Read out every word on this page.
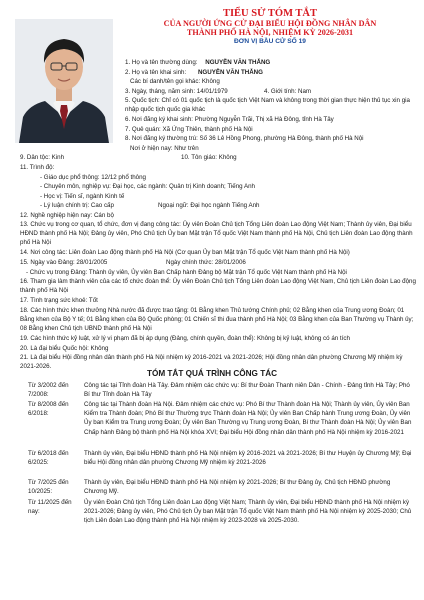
TIỂU SỬ TÓM TẮT
CỦA NGƯỜI ỨNG CỬ ĐẠI BIỂU HỘI ĐỒNG NHÂN DÂN
THÀNH PHỐ HÀ NỘI, NHIỆM KỲ 2026-2031
ĐƠN VỊ BẦU CỬ SỐ 19
1. Họ và tên thường dùng: NGUYỄN VĂN THẮNG
2. Họ và tên khai sinh: NGUYỄN VĂN THẮNG
Các bí danh/tên gọi khác: Không
3. Ngày, tháng, năm sinh: 14/01/1979	4. Giới tính: Nam
5. Quốc tịch: Chỉ có 01 quốc tịch là quốc tịch Việt Nam và không trong thời gian thực hiện thủ tục xin gia nhập quốc tịch quốc gia khác
6. Nơi đăng ký khai sinh: Phường Nguyễn Trãi, Thị xã Hà Đông, tỉnh Hà Tây
7. Quê quán: Xã Ứng Thiên, thành phố Hà Nội
8. Nơi đăng ký thường trú: Số 36 Lê Hồng Phong, phường Hà Đông, thành phố Hà Nội
Nơi ở hiện nay: Như trên
9. Dân tộc: Kinh	10. Tôn giáo: Không
11. Trình độ:
- Giáo dục phổ thông: 12/12 phổ thông
- Chuyên môn, nghiệp vụ: Đại học, các ngành: Quản trị Kinh doanh; Tiếng Anh
- Học vị: Tiến sĩ, ngành Kinh tế
- Lý luận chính trị: Cao cấp	Ngoại ngữ: Đại học ngành Tiếng Anh
12. Nghề nghiệp hiện nay: Cán bộ
13. Chức vụ trong cơ quan, tổ chức, đơn vị đang công tác: Ủy viên Đoàn Chủ tịch Tổng Liên đoàn Lao động Việt Nam; Thành ủy viên, Đại biểu HĐND thành phố Hà Nội; Đảng ủy viên, Phó Chủ tịch Ủy ban Mặt trận Tổ quốc Việt Nam thành phố Hà Nội, Chủ tịch Liên đoàn Lao động thành phố Hà Nội
14. Nơi công tác: Liên đoàn Lao động thành phố Hà Nội (Cơ quan Ủy ban Mặt trận Tổ quốc Việt Nam thành phố Hà Nội)
15. Ngày vào Đảng: 28/01/2005	Ngày chính thức: 28/01/2006
- Chức vụ trong Đảng: Thành ủy viên, Ủy viên Ban Chấp hành Đảng bộ Mặt trận Tổ quốc Việt Nam thành phố Hà Nội
16. Tham gia làm thành viên của các tổ chức đoàn thể: Ủy viên Đoàn Chủ tịch Tổng Liên đoàn Lao động Việt Nam, Chủ tịch Liên đoàn Lao động thành phố Hà Nội
17. Tình trạng sức khoẻ: Tốt
18. Các hình thức khen thưởng Nhà nước đã được trao tặng: 01 Bằng khen Thủ tướng Chính phủ; 02 Bằng khen của Trung ương Đoàn; 01 Bằng khen của Bộ Y tế; 01 Bằng khen của Bộ Quốc phòng; 01 Chiến sĩ thi đua thành phố Hà Nội; 03 Bằng khen của Ban Thường vụ Thành ủy; 08 Bằng khen Chủ tịch UBND thành phố Hà Nội
19. Các hình thức kỷ luật, xử lý vi phạm đã bị áp dụng (Đảng, chính quyền, đoàn thể): Không bị kỷ luật, không có án tích
20. Là đại biểu Quốc hội: Không
21. Là đại biểu Hội đồng nhân dân thành phố Hà Nội nhiệm kỳ 2016-2021 và 2021-2026; Hội đồng nhân dân phường Chương Mỹ nhiệm kỳ 2021-2026.
TÓM TẮT QUÁ TRÌNH CÔNG TÁC
Từ 3/2002 đến 7/2008:
Công tác tại Tỉnh đoàn Hà Tây. Đảm nhiệm các chức vụ: Bí thư Đoàn Thanh niên Dân - Chính - Đảng tỉnh Hà Tây; Phó Bí thư Tỉnh đoàn Hà Tây
Từ 8/2008 đến 6/2018:
Công tác tại Thành đoàn Hà Nội. Đảm nhiệm các chức vụ: Phó Bí thư Thành đoàn Hà Nội; Thành ủy viên, Ủy viên Ban Kiểm tra Thành đoàn; Phó Bí thư Thường trực Thành đoàn Hà Nội; Ủy viên Ban Chấp hành Trung ương Đoàn, Ủy viên Ủy ban Kiểm tra Trung ương Đoàn; Ủy viên Ban Thường vụ Trung ương Đoàn, Bí thư Thành đoàn Hà Nội; Ủy viên Ban Chấp hành Đảng bộ thành phố Hà Nội khóa XVI; Đại biểu Hội đồng nhân dân thành phố Hà Nội nhiệm kỳ 2016-2021
Từ 6/2018 đến 6/2025:
Thành ủy viên, Đại biểu HĐND thành phố Hà Nội nhiệm kỳ 2016-2021 và 2021-2026; Bí thư Huyện ủy Chương Mỹ; Đại biểu Hội đồng nhân dân phường Chương Mỹ nhiệm kỳ 2021-2026
Từ 7/2025 đến 10/2025:
Thành ủy viên, Đại biểu HĐND thành phố Hà Nội nhiệm kỳ 2021-2026; Bí thư Đảng ủy, Chủ tịch HĐND phường Chương Mỹ.
Từ 11/2025 đến nay:
Ủy viên Đoàn Chủ tịch Tổng Liên đoàn Lao động Việt Nam; Thành ủy viên, Đại biểu HĐND thành phố Hà Nội nhiệm kỳ 2021-2026; Đảng ủy viên, Phó Chủ tịch Ủy ban Mặt trận Tổ quốc Việt Nam thành phố Hà Nội nhiệm kỳ 2025-2030; Chủ tịch Liên đoàn Lao động thành phố Hà Nội nhiệm kỳ 2023-2028 và 2025-2030.
